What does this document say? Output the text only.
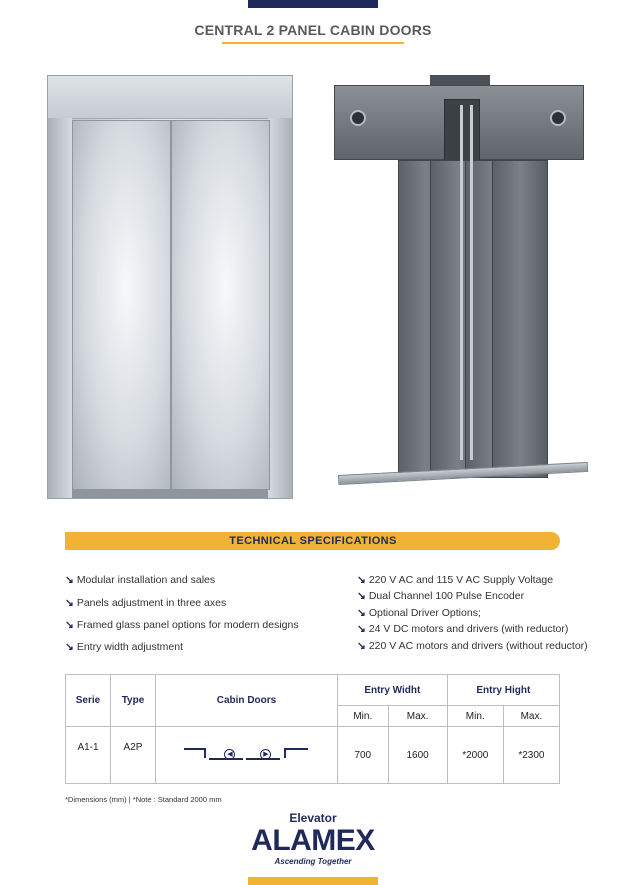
CENTRAL 2 PANEL CABIN DOORS
TECHNICAL SPECIFICATIONS
↘ Modular installation and sales
↘ Panels adjustment in three axes
↘ Framed glass panel options for modern designs
↘ Entry width adjustment
↘ 220 V AC and 115 V AC Supply Voltage
↘ Dual Channel 100 Pulse Encoder
↘ Optional Driver Options;
↘ 24 V DC motors and drivers (with reductor)
↘ 220 V AC motors and drivers (without reductor)
Serie	Type	Cabin Doors	Entry Widht		Entry Hight	
			Min.	Max.	Min.	Max.
A1-1	A2P	◀ ▶	700	1600	*2000	*2300
*Dimensions (mm) | *Note : Standard 2000 mm
Elevator
ALAMEX
Ascending Together
